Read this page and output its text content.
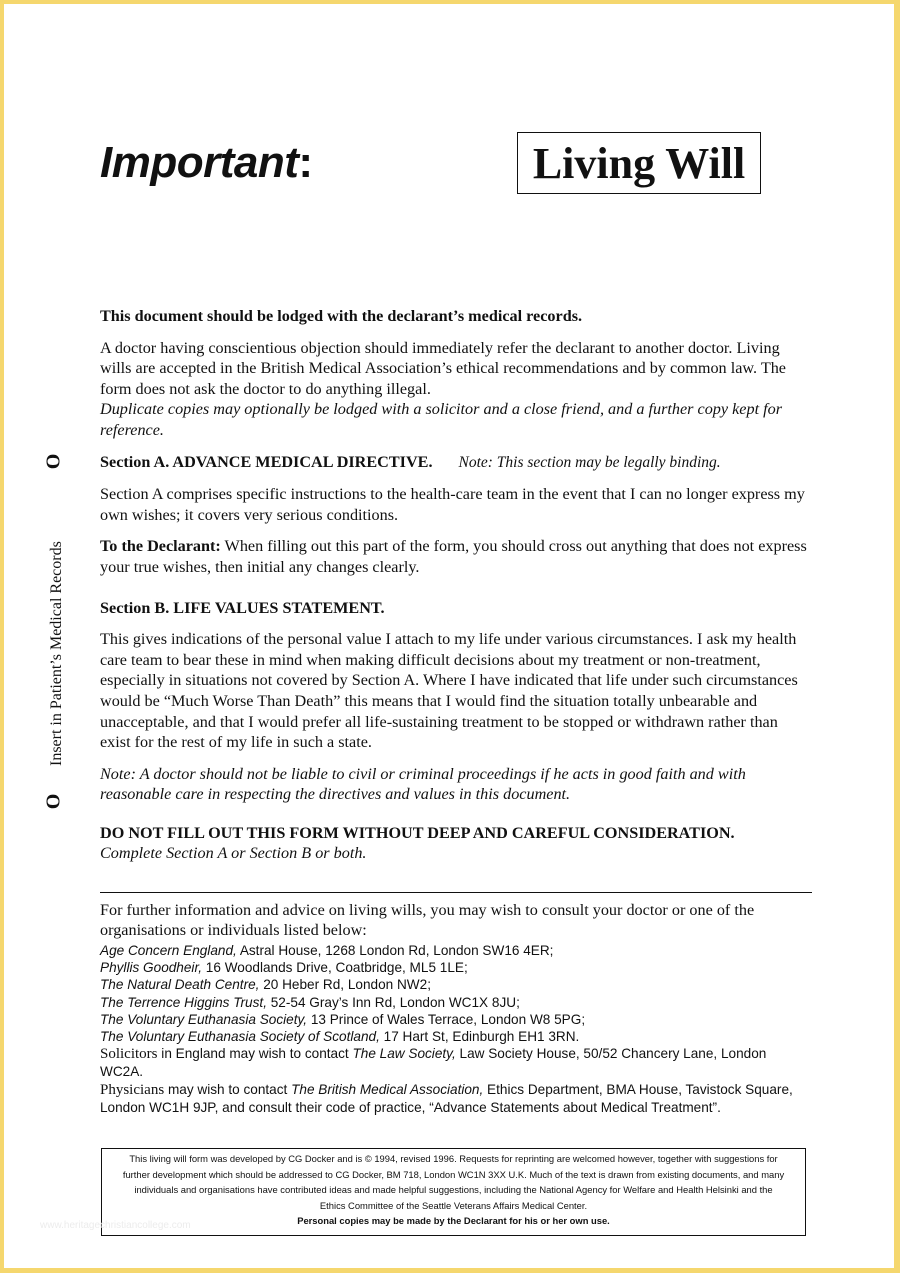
Important:	Living Will
O
Insert in Patient’s Medical Records
O

This document should be lodged with the declarant’s medical records.

A doctor having conscientious objection should immediately refer the declarant to another doctor. Living wills are accepted in the British Medical Association’s ethical recommendations and by common law. The form does not ask the doctor to do anything illegal.

Duplicate copies may optionally be lodged with a solicitor and a close friend, and a further copy kept for reference.

Section A. ADVANCE MEDICAL DIRECTIVE. Note: This section may be legally binding.

Section A comprises specific instructions to the health-care team in the event that I can no longer express my own wishes; it covers very serious conditions.

To the Declarant: When filling out this part of the form, you should cross out anything that does not express your true wishes, then initial any changes clearly.

Section B. LIFE VALUES STATEMENT.

This gives indications of the personal value I attach to my life under various circumstances. I ask my health care team to bear these in mind when making difficult decisions about my treatment or non-treatment, especially in situations not covered by Section A. Where I have indicated that life under such circumstances would be “Much Worse Than Death” this means that I would find the situation totally unbearable and unacceptable, and that I would prefer all life-sustaining treatment to be stopped or withdrawn rather than exist for the rest of my life in such a state.

Note: A doctor should not be liable to civil or criminal proceedings if he acts in good faith and with reasonable care in respecting the directives and values in this document.

DO NOT FILL OUT THIS FORM WITHOUT DEEP AND CAREFUL CONSIDERATION.

Complete Section A or Section B or both.

For further information and advice on living wills, you may wish to consult your doctor or one of the organisations or individuals listed below:

Age Concern England, Astral House, 1268 London Rd, London SW16 4ER;
Phyllis Goodheir, 16 Woodlands Drive, Coatbridge, ML5 1LE;
The Natural Death Centre, 20 Heber Rd, London NW2;
The Terrence Higgins Trust, 52-54 Gray’s Inn Rd, London WC1X 8JU;
The Voluntary Euthanasia Society, 13 Prince of Wales Terrace, London W8 5PG;
The Voluntary Euthanasia Society of Scotland, 17 Hart St, Edinburgh EH1 3RN.
Solicitors in England may wish to contact The Law Society, Law Society House, 50/52 Chancery Lane, London WC2A.
Physicians may wish to contact The British Medical Association, Ethics Department, BMA House, Tavistock Square, London WC1H 9JP, and consult their code of practice, “Advance Statements about Medical Treatment”.
This living will form was developed by CG Docker and is © 1994, revised 1996. Requests for reprinting are welcomed however, together with suggestions for further development which should be addressed to CG Docker, BM 718, London WC1N 3XX U.K. Much of the text is drawn from existing documents, and many individuals and organisations have contributed ideas and made helpful suggestions, including the National Agency for Welfare and Health Helsinki and the Ethics Committee of the Seattle Veterans Affairs Medical Center.
Personal copies may be made by the Declarant for his or her own use.
www.heritagechristiancollege.com
